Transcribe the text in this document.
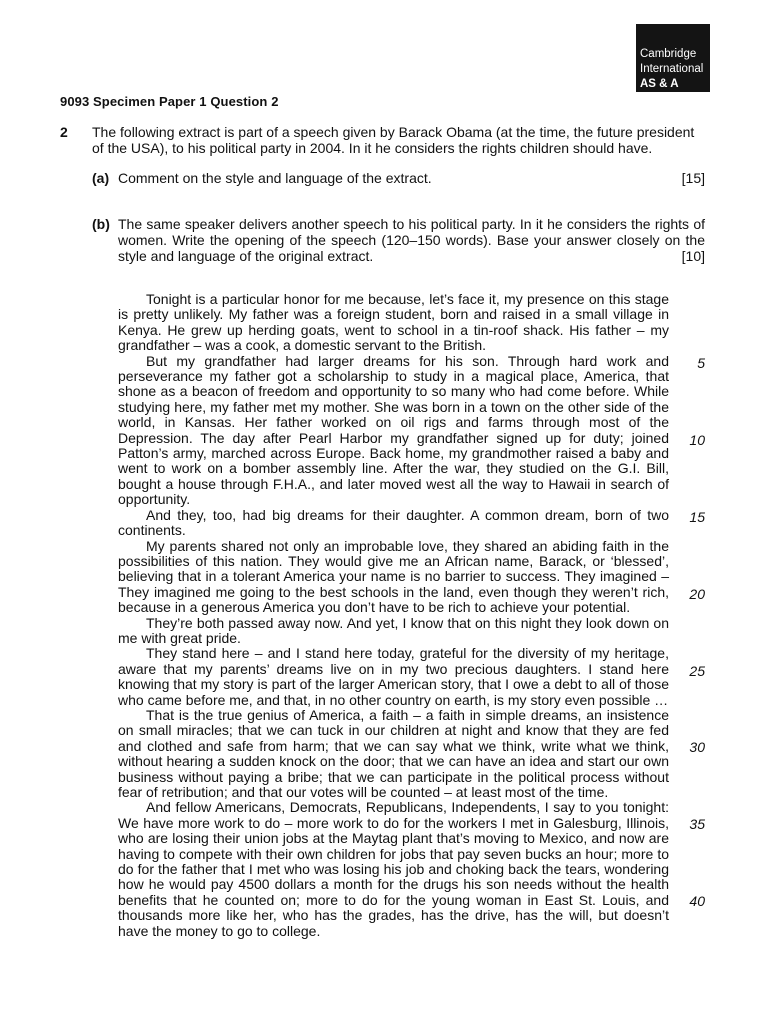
Cambridge
International
AS & A Level
9093 Specimen Paper 1 Question 2
2 The following extract is part of a speech given by Barack Obama (at the time, the future president of the USA), to his political party in 2004. In it he considers the rights children should have.

(a) Comment on the style and language of the extract.	[15]
(b) The same speaker delivers another speech to his political party. In it he considers the rights of women. Write the opening of the speech (120–150 words). Base your answer closely on the style and language of the original extract.	[10]

Tonight is a particular honor for me because, let’s face it, my presence on this stage is pretty unlikely. My father was a foreign student, born and raised in a small village in Kenya. He grew up herding goats, went to school in a tin-roof shack. His father – my grandfather – was a cook, a domestic servant to the British.

But my grandfather had larger dreams for his son. Through hard work and perseverance my father got a scholarship to study in a magical place, America, that shone as a beacon of freedom and opportunity to so many who had come before. While studying here, my father met my mother. She was born in a town on the other side of the world, in Kansas. Her father worked on oil rigs and farms through most of the Depression. The day after Pearl Harbor my grandfather signed up for duty; joined Patton’s army, marched across Europe. Back home, my grandmother raised a baby and went to work on a bomber assembly line. After the war, they studied on the G.I. Bill, bought a house through F.H.A., and later moved west all the way to Hawaii in search of opportunity.

And they, too, had big dreams for their daughter. A common dream, born of two continents.

My parents shared not only an improbable love, they shared an abiding faith in the possibilities of this nation. They would give me an African name, Barack, or ‘blessed’, believing that in a tolerant America your name is no barrier to success. They imagined – They imagined me going to the best schools in the land, even though they weren’t rich, because in a generous America you don’t have to be rich to achieve your potential.

They’re both passed away now. And yet, I know that on this night they look down on me with great pride.

They stand here – and I stand here today, grateful for the diversity of my heritage, aware that my parents’ dreams live on in my two precious daughters. I stand here knowing that my story is part of the larger American story, that I owe a debt to all of those who came before me, and that, in no other country on earth, is my story even possible …

That is the true genius of America, a faith – a faith in simple dreams, an insistence on small miracles; that we can tuck in our children at night and know that they are fed and clothed and safe from harm; that we can say what we think, write what we think, without hearing a sudden knock on the door; that we can have an idea and start our own business without paying a bribe; that we can participate in the political process without fear of retribution; and that our votes will be counted – at least most of the time.

And fellow Americans, Democrats, Republicans, Independents, I say to you tonight: We have more work to do – more work to do for the workers I met in Galesburg, Illinois, who are losing their union jobs at the Maytag plant that’s moving to Mexico, and now are having to compete with their own children for jobs that pay seven bucks an hour; more to do for the father that I met who was losing his job and choking back the tears, wondering how he would pay 4500 dollars a month for the drugs his son needs without the health benefits that he counted on; more to do for the young woman in East St. Louis, and thousands more like her, who has the grades, has the drive, has the will, but doesn’t have the money to go to college.

5
10
15
20
25
30
35
40
